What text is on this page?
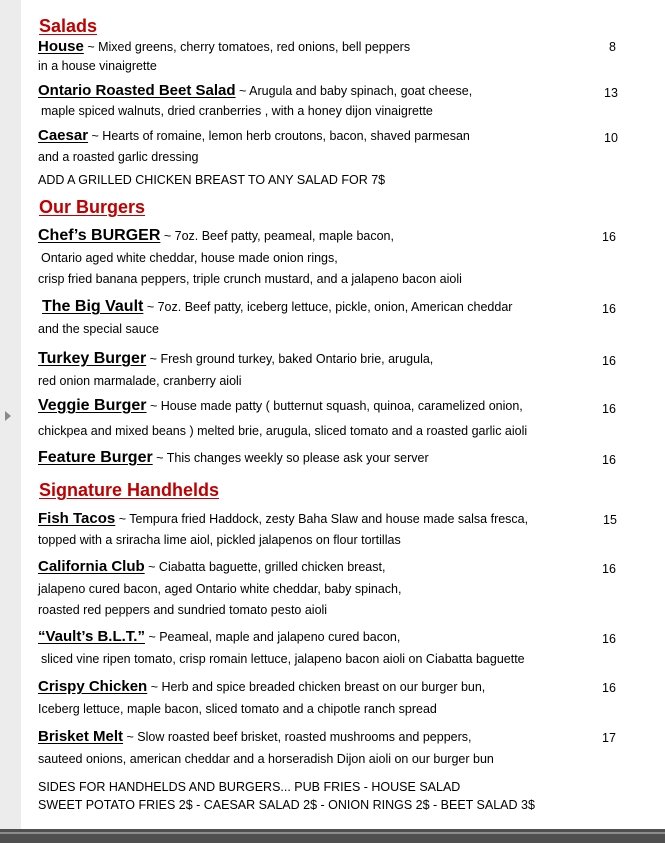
Salads
House ~ Mixed greens, cherry tomatoes, red onions, bell peppers
in a house vinaigrette
8
Ontario Roasted Beet Salad ~ Arugula and baby spinach, goat cheese,
maple spiced walnuts, dried cranberries , with a honey dijon vinaigrette
13
Caesar ~ Hearts of romaine, lemon herb croutons, bacon, shaved parmesan
and a roasted garlic dressing
10
ADD A GRILLED CHICKEN BREAST TO ANY SALAD FOR 7$
Our Burgers
Chef’s BURGER ~ 7oz. Beef patty, peameal, maple bacon,
Ontario aged white cheddar, house made onion rings,
crisp fried banana peppers, triple crunch mustard, and a jalapeno bacon aioli
16
The Big Vault ~ 7oz. Beef patty, iceberg lettuce, pickle, onion, American cheddar
and the special sauce
16
Turkey Burger ~ Fresh ground turkey, baked Ontario brie, arugula,
red onion marmalade, cranberry aioli
16
Veggie Burger ~ House made patty ( butternut squash, quinoa, caramelized onion,
chickpea and mixed beans ) melted brie, arugula, sliced tomato and a roasted garlic aioli
16
Feature Burger ~ This changes weekly so please ask your server	16
Signature Handhelds
Fish Tacos ~ Tempura fried Haddock, zesty Baha Slaw and house made salsa fresca,
topped with a sriracha lime aiol, pickled jalapenos on flour tortillas
15
California Club ~ Ciabatta baguette, grilled chicken breast,
jalapeno cured bacon, aged Ontario white cheddar, baby spinach,
roasted red peppers and sundried tomato pesto aioli
16
“Vault’s B.L.T.” ~ Peameal, maple and jalapeno cured bacon,
sliced vine ripen tomato, crisp romain lettuce, jalapeno bacon aioli on Ciabatta baguette
16
Crispy Chicken ~ Herb and spice breaded chicken breast on our burger bun,
Iceberg lettuce, maple bacon, sliced tomato and a chipotle ranch spread
16
Brisket Melt ~ Slow roasted beef brisket, roasted mushrooms and peppers,
sauteed onions, american cheddar and a horseradish Dijon aioli on our burger bun
17
SIDES FOR HANDHELDS AND BURGERS... PUB FRIES - HOUSE SALAD
SWEET POTATO FRIES 2$ - CAESAR SALAD 2$ - ONION RINGS 2$ - BEET SALAD 3$
